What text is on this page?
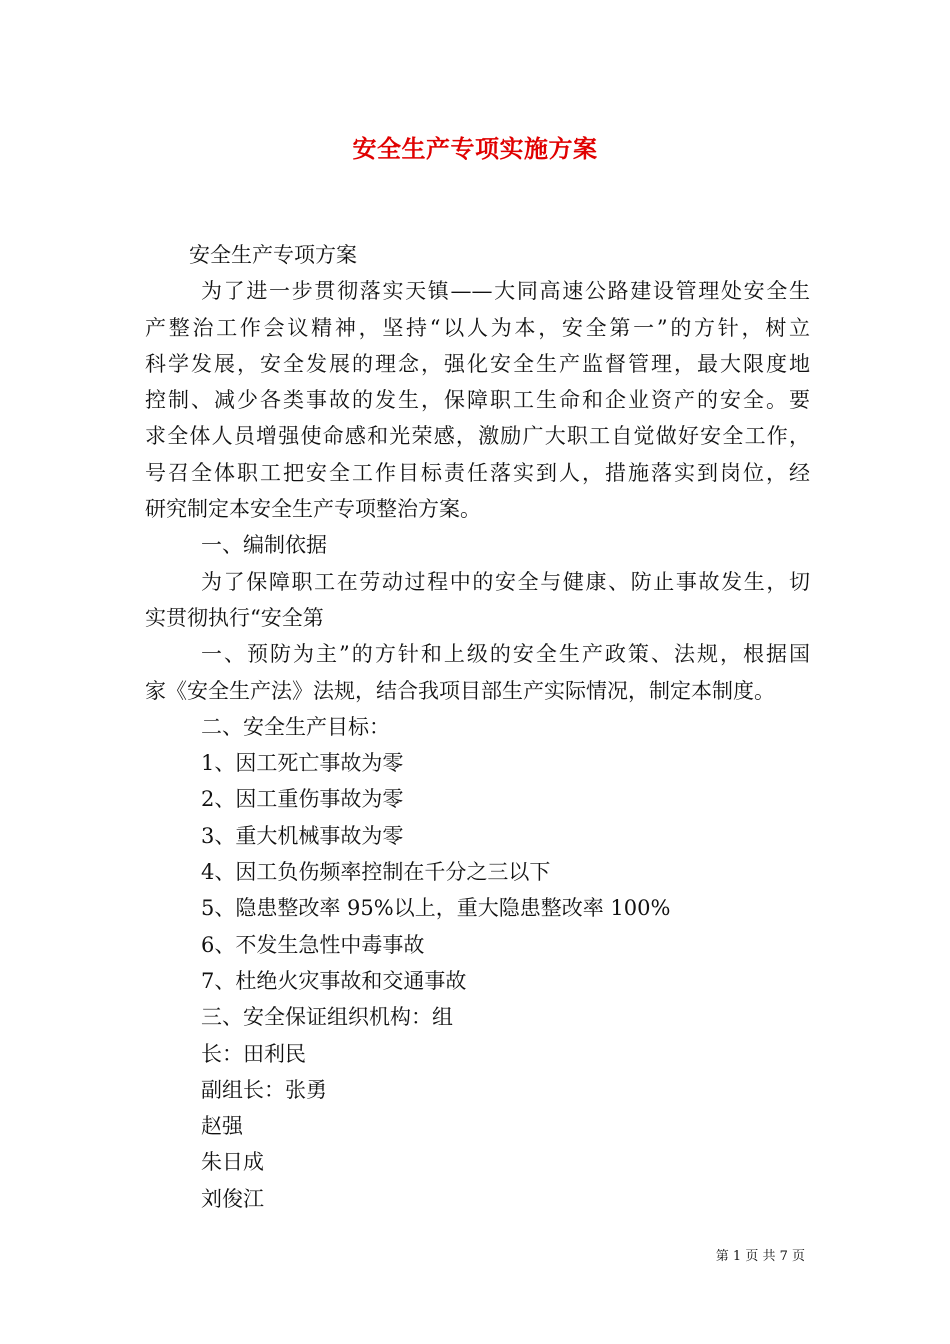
安全生产专项实施方案
安全生产专项方案
为了进一步贯彻落实天镇——大同高速公路建设管理处安全生
产整治工作会议精神，坚持“以人为本，安全第一”的方针，树立
科学发展，安全发展的理念，强化安全生产监督管理，最大限度地
控制、减少各类事故的发生，保障职工生命和企业资产的安全。要
求全体人员增强使命感和光荣感，激励广大职工自觉做好安全工作，
号召全体职工把安全工作目标责任落实到人，措施落实到岗位，经
研究制定本安全生产专项整治方案。
一、编制依据
为了保障职工在劳动过程中的安全与健康、防止事故发生，切
实贯彻执行“安全第
一、预防为主”的方针和上级的安全生产政策、法规，根据国
家《安全生产法》法规，结合我项目部生产实际情况，制定本制度。
二、安全生产目标：
1、因工死亡事故为零
2、因工重伤事故为零
3、重大机械事故为零
4、因工负伤频率控制在千分之三以下
5、隐患整改率 95%以上，重大隐患整改率 100%
6、不发生急性中毒事故
7、杜绝火灾事故和交通事故
三、安全保证组织机构：组
长：田利民
副组长：张勇
赵强
朱日成
刘俊江
第 1 页 共 7 页
